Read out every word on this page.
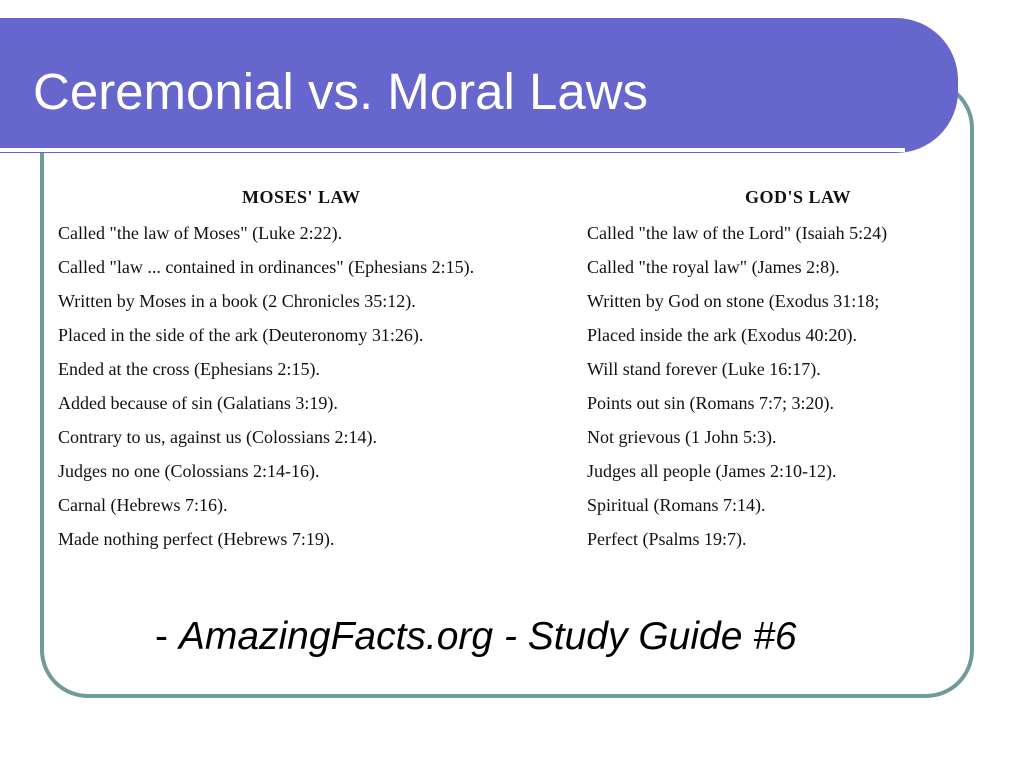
Ceremonial vs. Moral Laws
MOSES' LAW
Called "the law of Moses" (Luke 2:22).
Called "law ... contained in ordinances" (Ephesians 2:15).
Written by Moses in a book (2 Chronicles 35:12).
Placed in the side of the ark (Deuteronomy 31:26).
Ended at the cross (Ephesians 2:15).
Added because of sin (Galatians 3:19).
Contrary to us, against us (Colossians 2:14).
Judges no one (Colossians 2:14-16).
Carnal (Hebrews 7:16).
Made nothing perfect (Hebrews 7:19).
GOD'S LAW
Called "the law of the Lord" (Isaiah 5:24)
Called "the royal law" (James 2:8).
Written by God on stone (Exodus 31:18;
Placed inside the ark (Exodus 40:20).
Will stand forever (Luke 16:17).
Points out sin (Romans 7:7; 3:20).
Not grievous (1 John 5:3).
Judges all people (James 2:10-12).
Spiritual (Romans 7:14).
Perfect (Psalms 19:7).
- AmazingFacts.org - Study Guide #6
